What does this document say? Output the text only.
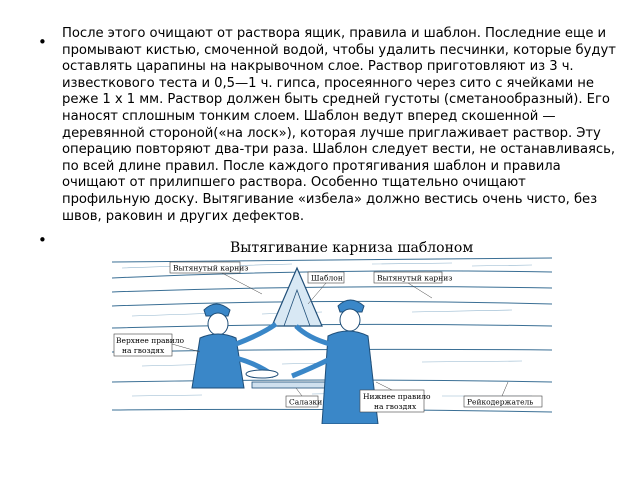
• После этого очищают от раствора ящик, правила и шаблон. Последние еще и промывают кистью, смоченной водой, чтобы удалить песчинки, которые будут оставлять царапины на накрывочном слое. Раствор приготовляют из 3 ч. известкового теста и 0,5—1 ч. гипса, просеянного через сито с ячейками не реже 1 х 1 мм. Раствор должен быть средней густоты (сметанообразный). Его наносят сплошным тонким слоем. Шаблон ведут вперед скошенной — деревянной стороной(«на лоск»), которая лучше приглаживает раствор. Эту операцию повторяют два-три раза. Шаблон следует вести, не останавливаясь, по всей длине правил. После каждого протягивания шаблон и правила очищают от прилипшего раствора. Особенно тщательно очищают профильную доску. Вытягивание «избела» должно вестись очень чисто, без швов, раковин и других дефектов.
•	Вытягивание карниза шаблоном
Вытянутый карниз
Шаблон	Вытянутый карниз
Верхнее правило
на гвоздях
Салазки
Нижнее правило
на гвоздях	Рейкодержатель
